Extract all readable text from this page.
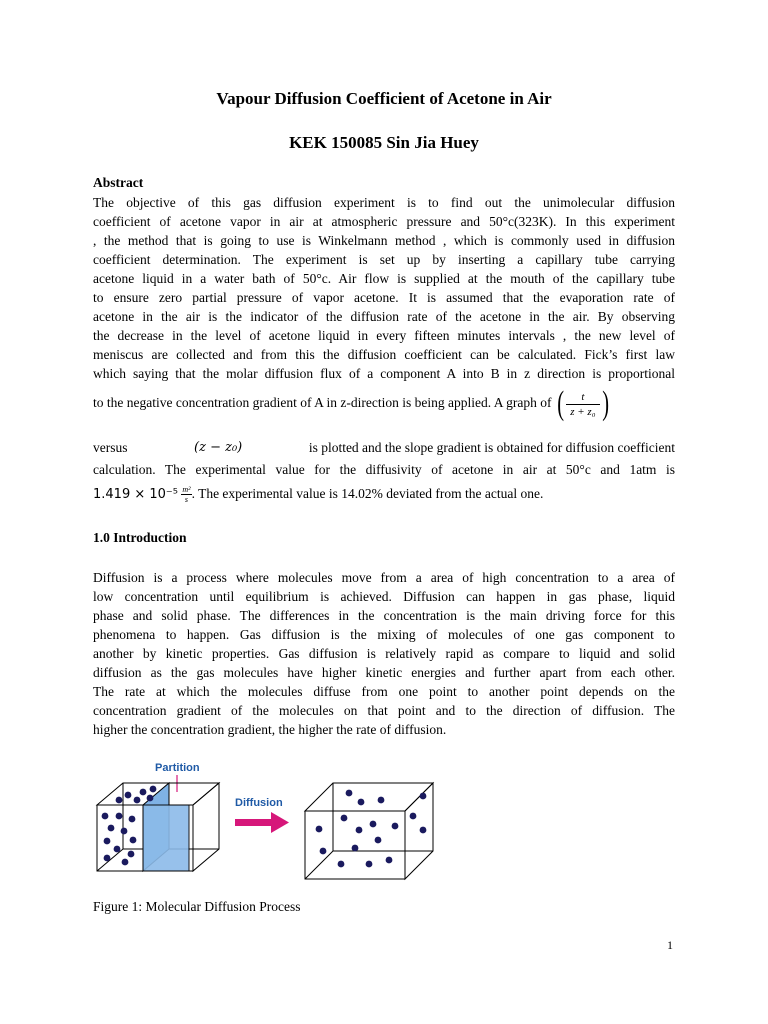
Vapour Diffusion Coefficient of Acetone in Air
KEK 150085 Sin Jia Huey
Abstract
The objective of this gas diffusion experiment is to find out the unimolecular diffusion
coefficient of acetone vapor in air at atmospheric pressure and 50°c(323K). In this experiment
, the method that is going to use is Winkelmann method , which is commonly used in diffusion
coefficient determination. The experiment is set up by inserting a capillary tube carrying
acetone liquid in a water bath of 50°c. Air flow is supplied at the mouth of the capillary tube
to ensure zero partial pressure of vapor acetone. It is assumed that the evaporation rate of
acetone in the air is the indicator of the diffusion rate of the acetone in the air. By observing
the decrease in the level of acetone liquid in every fifteen minutes intervals , the new level of
meniscus are collected and from this the diffusion coefficient can be calculated. Fick’s first law
which saying that the molar diffusion flux of a component A into B in z direction is proportional
to the negative concentration gradient of A in z-direction is being applied. A graph of ( $\frac{t}{\text{z + z₀}}$ )
versus	(z − z₀)	is plotted and the slope gradient is obtained for diffusion coefficient
calculation. The experimental value for the diffusivity of acetone in air at 50°c and 1atm is
$1.419 \times 10^{-5} \frac{\text{m²}}{s}$ . The experimental value is 14.02% deviated from the actual one.
1.0 Introduction
Diffusion is a process where molecules move from a area of high concentration to a area of
low concentration until equilibrium is achieved. Diffusion can happen in gas phase, liquid
phase and solid phase. The differences in the concentration is the main driving force for this
phenomena to happen. Gas diffusion is the mixing of molecules of one gas component to
another by kinetic properties. Gas diffusion is relatively rapid as compare to liquid and solid
diffusion as the gas molecules have higher kinetic energies and further apart from each other.
The rate at which the molecules diffuse from one point to another point depends on the
concentration gradient of the molecules on that point and to the direction of diffusion. The
higher the concentration gradient, the higher the rate of diffusion.
Figure 1: Molecular Diffusion Process
1
Partition
Diffusion
